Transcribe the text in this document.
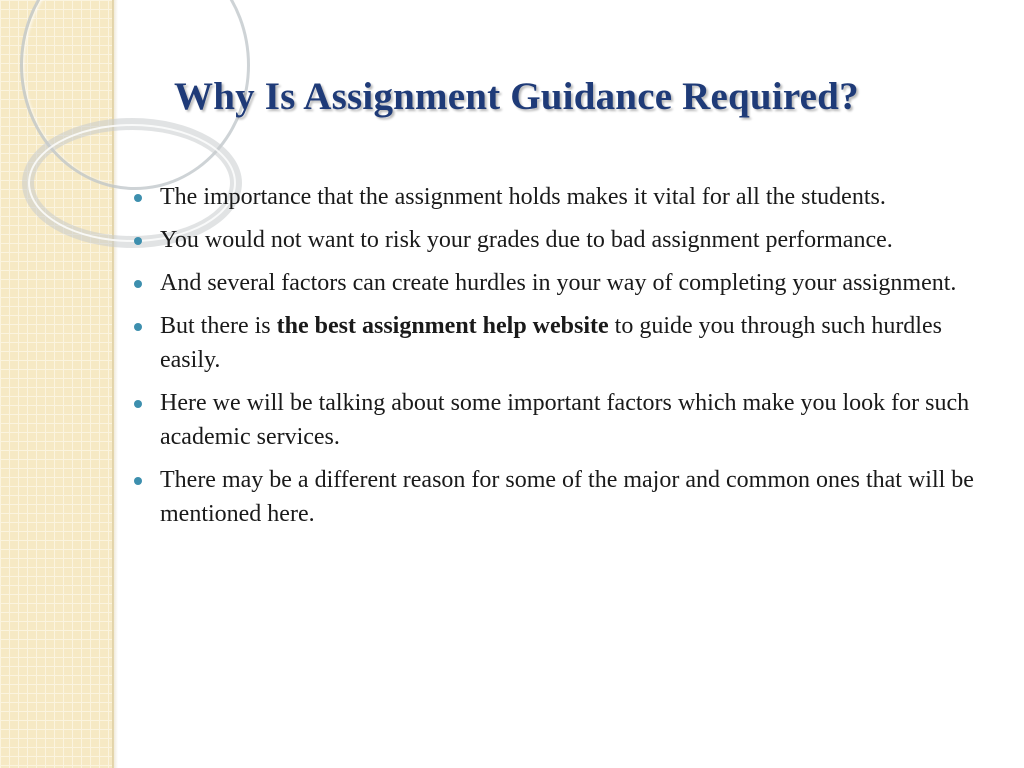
Why Is Assignment Guidance Required?
The importance that the assignment holds makes it vital for all the students.
You would not want to risk your grades due to bad assignment performance.
And several factors can create hurdles in your way of completing your assignment.
But there is the best assignment help website to guide you through such hurdles easily.
Here we will be talking about some important factors which make you look for such academic services.
There may be a different reason for some of the major and common ones that will be mentioned here.
